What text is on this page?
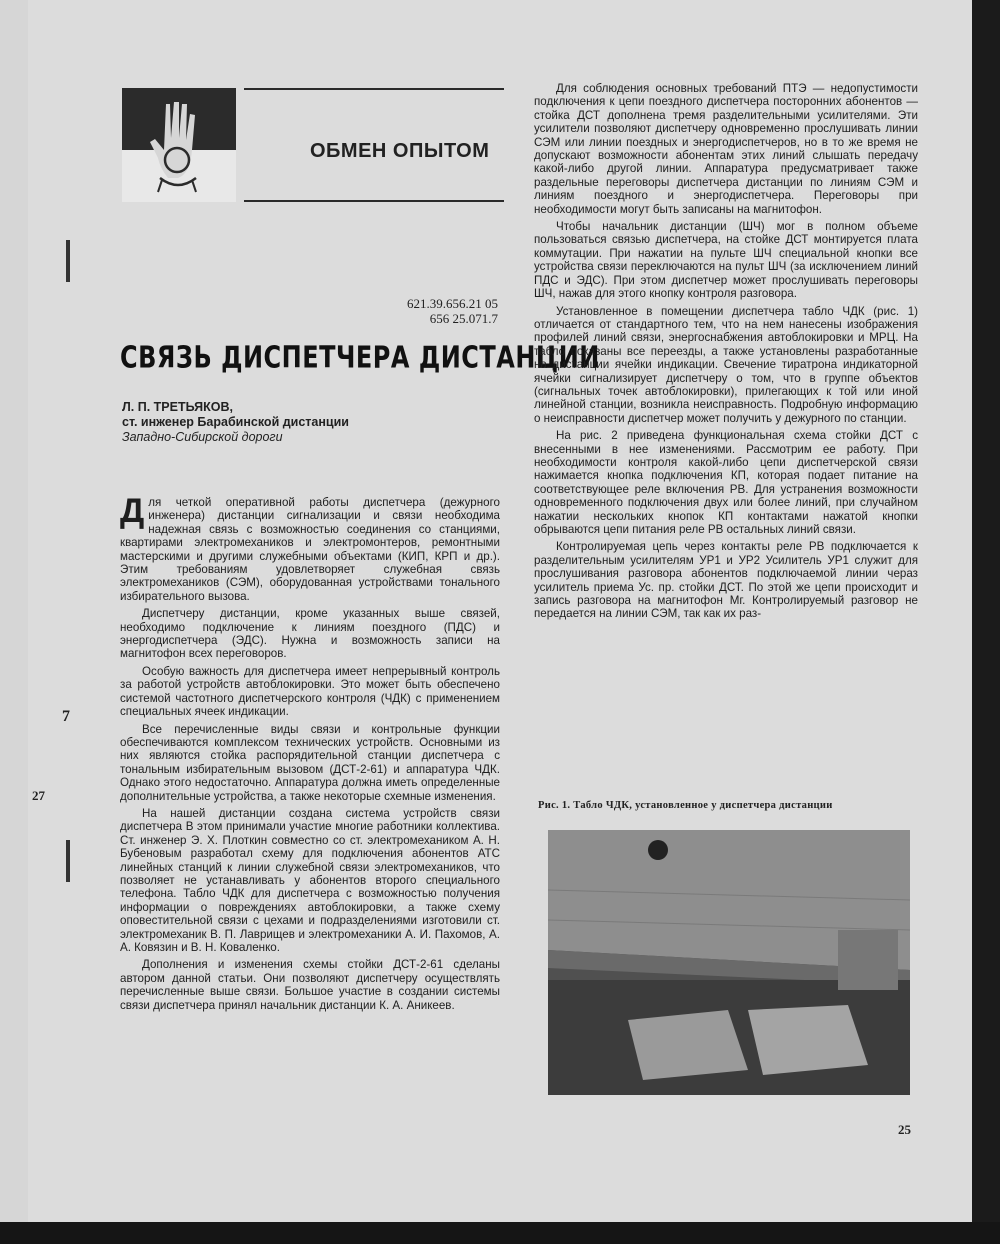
ОБМЕН ОПЫТОМ
621.39.656.21 05
656 25.071.7
СВЯЗЬ ДИСПЕТЧЕРА ДИСТАНЦИИ
Л. П. ТРЕТЬЯКОВ,
ст. инженер Барабинской дистанции
Западно-Сибирской дороги

Для четкой оперативной работы диспетчера (дежурного инженера) дистанции сигнализации и связи необходима надежная связь с возможностью соединения со станциями, квартирами электромехаников и электромонтеров, ремонтными мастерскими и другими служебными объектами (КИП, КРП и др.). Этим требованиям удовлетворяет служебная связь электромехаников (СЭМ), оборудованная устройствами тонального избирательного вызова.

Диспетчеру дистанции, кроме указанных выше связей, необходимо подключение к линиям поездного (ПДС) и энергодиспетчера (ЭДС). Нужна и возможность записи на магнитофон всех переговоров.

Особую важность для диспетчера имеет непрерывный контроль за работой устройств автоблокировки. Это может быть обеспечено системой частотного диспетчерского контроля (ЧДК) с применением специальных ячеек индикации.

Все перечисленные виды связи и контрольные функции обеспечиваются комплексом технических устройств. Основными из них являются стойка распорядительной станции диспетчера с тональным избирательным вызовом (ДСТ-2-61) и аппаратура ЧДК. Однако этого недостаточно. Аппаратура должна иметь определенные дополнительные устройства, а также некоторые схемные изменения.

На нашей дистанции создана система устройств связи диспетчера В этом принимали участие многие работники коллектива. Ст. инженер Э. Х. Плоткин совместно со ст. электромехаником А. Н. Бубеновым разработал схему для подключения абонентов АТС линейных станций к линии служебной связи электромехаников, что позволяет не устанавливать у абонентов второго специального телефона. Табло ЧДК для диспетчера с возможностью получения информации о повреждениях автоблокировки, а также схему оповестительной связи с цехами и подразделениями изготовили ст. электромеханик В. П. Лаврищев и электромеханики А. И. Пахомов, А. А. Ковязин и В. Н. Коваленко.

Дополнения и изменения схемы стойки ДСТ-2-61 сделаны автором данной статьи. Они позволяют диспетчеру осуществлять перечисленные выше связи. Большое участие в создании системы связи диспетчера принял начальник дистанции К. А. Аникеев.

Для соблюдения основных требований ПТЭ — недопустимости подключения к цепи поездного диспетчера посторонних абонентов — стойка ДСТ дополнена тремя разделительными усилителями. Эти усилители позволяют диспетчеру одновременно прослушивать линии СЭМ или линии поездных и энергодиспетчеров, но в то же время не допускают возможности абонентам этих линий слышать передачу какой-либо другой линии. Аппаратура предусматривает также раздельные переговоры диспетчера дистанции по линиям СЭМ и линиям поездного и энергодиспетчера. Переговоры при необходимости могут быть записаны на магнитофон.

Чтобы начальник дистанции (ШЧ) мог в полном объеме пользоваться связью диспетчера, на стойке ДСТ монтируется плата коммутации. При нажатии на пульте ШЧ специальной кнопки все устройства связи переключаются на пульт ШЧ (за исключением линий ПДС и ЭДС). При этом диспетчер может прослушивать переговоры ШЧ, нажав для этого кнопку контроля разговора.

Установленное в помещении диспетчера табло ЧДК (рис. 1) отличается от стандартного тем, что на нем нанесены изображения профилей линий связи, энергоснабжения автоблокировки и МРЦ. На табло показаны все переезды, а также установлены разработанные на дистанции ячейки индикации. Свечение тиратрона индикаторной ячейки сигнализирует диспетчеру о том, что в группе объектов (сигнальных точек автоблокировки), прилегающих к той или иной линейной станции, возникла неисправность. Подробную информацию о неисправности диспетчер может получить у дежурного по станции.

На рис. 2 приведена функциональная схема стойки ДСТ с внесенными в нее изменениями. Рассмотрим ее работу. При необходимости контроля какой-либо цепи диспетчерской связи нажимается кнопка подключения КП, которая подает питание на соответствующее реле включения РВ. Для устранения возможности одновременного подключения двух или более линий, при случайном нажатии нескольких кнопок КП контактами нажатой кнопки обрываются цепи питания реле РВ остальных линий связи.

Контролируемая цепь через контакты реле РВ подключается к разделительным усилителям УР1 и УР2 Усилитель УР1 служит для прослушивания разговора абонентов подключаемой линии чераз усилитель приема Ус. пр. стойки ДСТ. По этой же цепи происходит и запись разговора на магнитофон Мг. Контролируемый разговор не передается на линии СЭМ, так как их раз-

Рис. 1. Табло ЧДК, установленное у диспетчера дистанции
25
7
27
